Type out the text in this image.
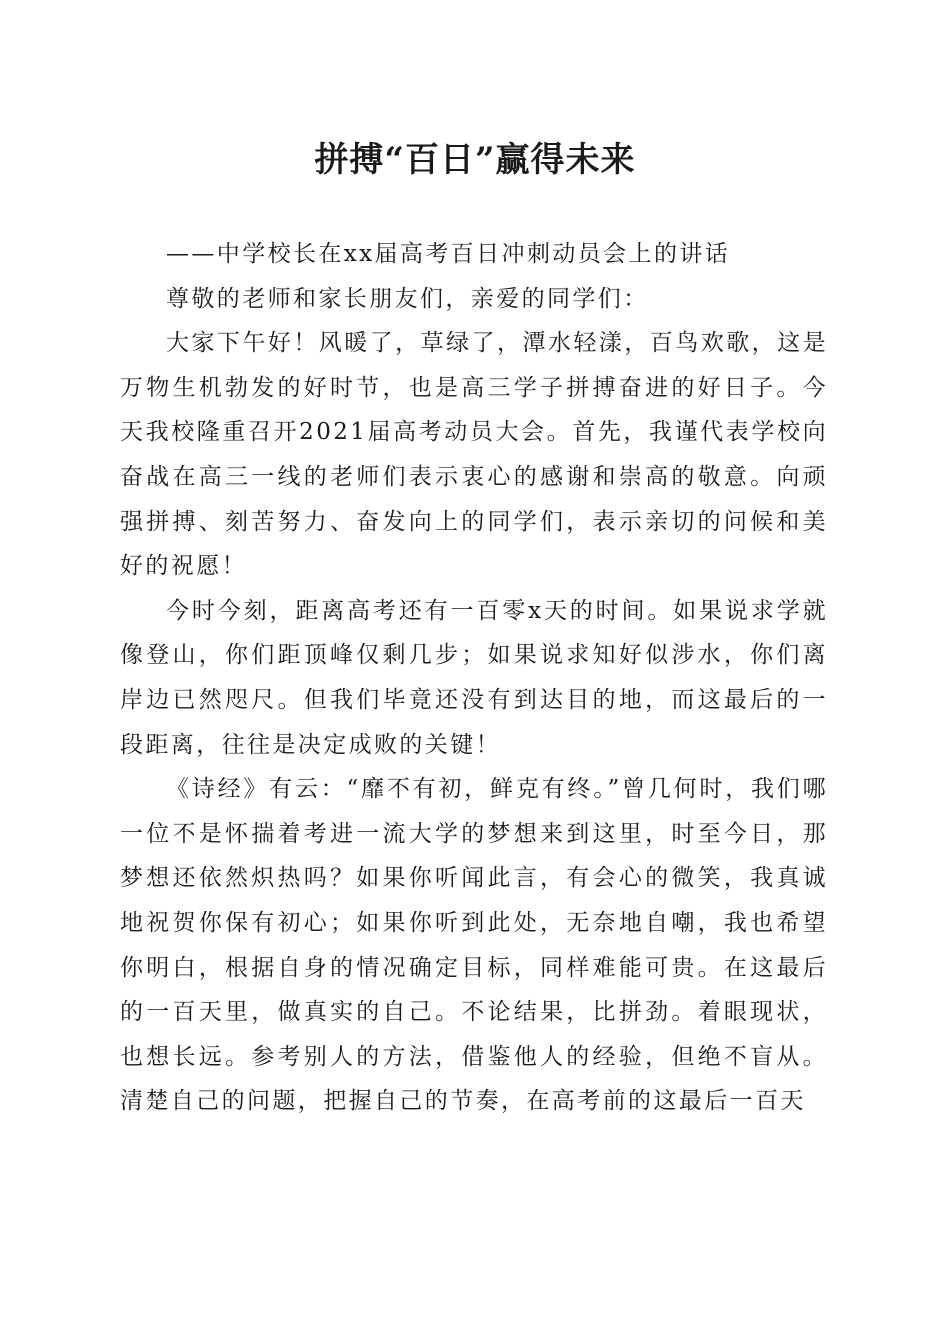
拼搏“百日”赢得未来

——中学校长在xx届高考百日冲刺动员会上的讲话

尊敬的老师和家长朋友们，亲爱的同学们：

大家下午好！风暖了，草绿了，潭水轻漾，百鸟欢歌，这是万物生机勃发的好时节，也是高三学子拼搏奋进的好日子。今天我校隆重召开2021届高考动员大会。首先，我谨代表学校向奋战在高三一线的老师们表示衷心的感谢和崇高的敬意。向顽强拼搏、刻苦努力、奋发向上的同学们，表示亲切的问候和美好的祝愿！

今时今刻，距离高考还有一百零x天的时间。如果说求学就像登山，你们距顶峰仅剩几步；如果说求知好似涉水，你们离岸边已然咫尺。但我们毕竟还没有到达目的地，而这最后的一段距离，往往是决定成败的关键！

《诗经》有云：“靡不有初，鲜克有终。”曾几何时，我们哪一位不是怀揣着考进一流大学的梦想来到这里，时至今日，那梦想还依然炽热吗？如果你听闻此言，有会心的微笑，我真诚地祝贺你保有初心；如果你听到此处，无奈地自嘲，我也希望你明白，根据自身的情况确定目标，同样难能可贵。在这最后的一百天里，做真实的自己。不论结果，比拼劲。着眼现状，也想长远。参考别人的方法，借鉴他人的经验，但绝不盲从。清楚自己的问题，把握自己的节奏，在高考前的这最后一百天
